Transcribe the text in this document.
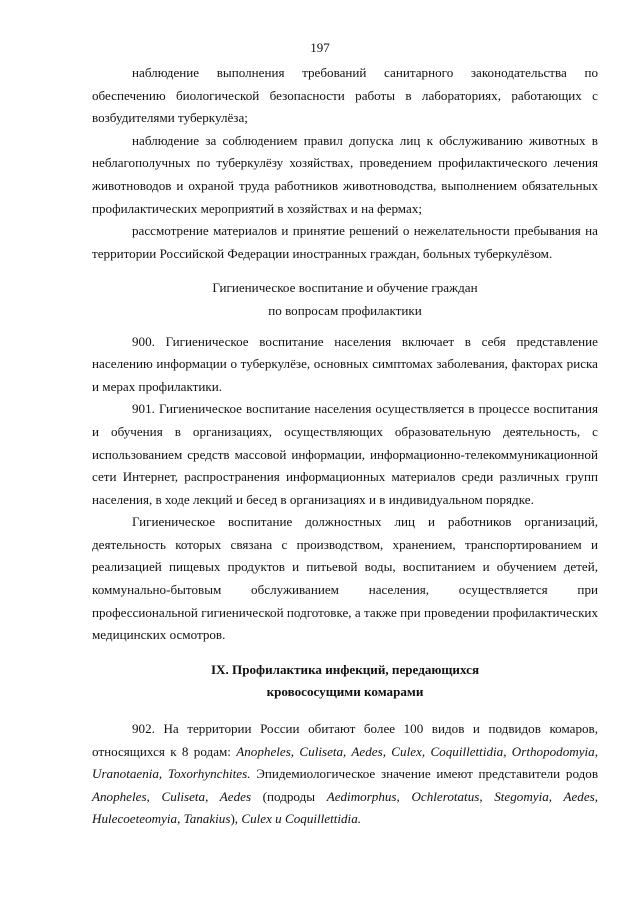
197

наблюдение выполнения требований санитарного законодательства по обеспечению биологической безопасности работы в лабораториях, работающих с возбудителями туберкулёза;

наблюдение за соблюдением правил допуска лиц к обслуживанию животных в неблагополучных по туберкулёзу хозяйствах, проведением профилактического лечения животноводов и охраной труда работников животноводства, выполнением обязательных профилактических мероприятий в хозяйствах и на фермах;

рассмотрение материалов и принятие решений о нежелательности пребывания на территории Российской Федерации иностранных граждан, больных туберкулёзом.

Гигиеническое воспитание и обучение граждан

по вопросам профилактики

900. Гигиеническое воспитание населения включает в себя представление населению информации о туберкулёзе, основных симптомах заболевания, факторах риска и мерах профилактики.

901. Гигиеническое воспитание населения осуществляется в процессе воспитания и обучения в организациях, осуществляющих образовательную деятельность, с использованием средств массовой информации, информационно-телекоммуникационной сети Интернет, распространения информационных материалов среди различных групп населения, в ходе лекций и бесед в организациях и в индивидуальном порядке.

Гигиеническое воспитание должностных лиц и работников организаций, деятельность которых связана с производством, хранением, транспортированием и реализацией пищевых продуктов и питьевой воды, воспитанием и обучением детей, коммунально-бытовым обслуживанием населения, осуществляется при профессиональной гигиенической подготовке, а также при проведении профилактических медицинских осмотров.

IX. Профилактика инфекций, передающихся

кровососущими комарами

902. На территории России обитают более 100 видов и подвидов комаров, относящихся к 8 родам: Anopheles, Culiseta, Aedes, Culex, Coquillettidia, Orthopodomyia, Uranotaenia, Toxorhynchites. Эпидемиологическое значение имеют представители родов Anopheles, Culiseta, Aedes (подроды Aedimorphus, Ochlerotatus, Stegomyia, Aedes, Hulecoeteomyia, Tanakius), Culex и Coquillettidia.
